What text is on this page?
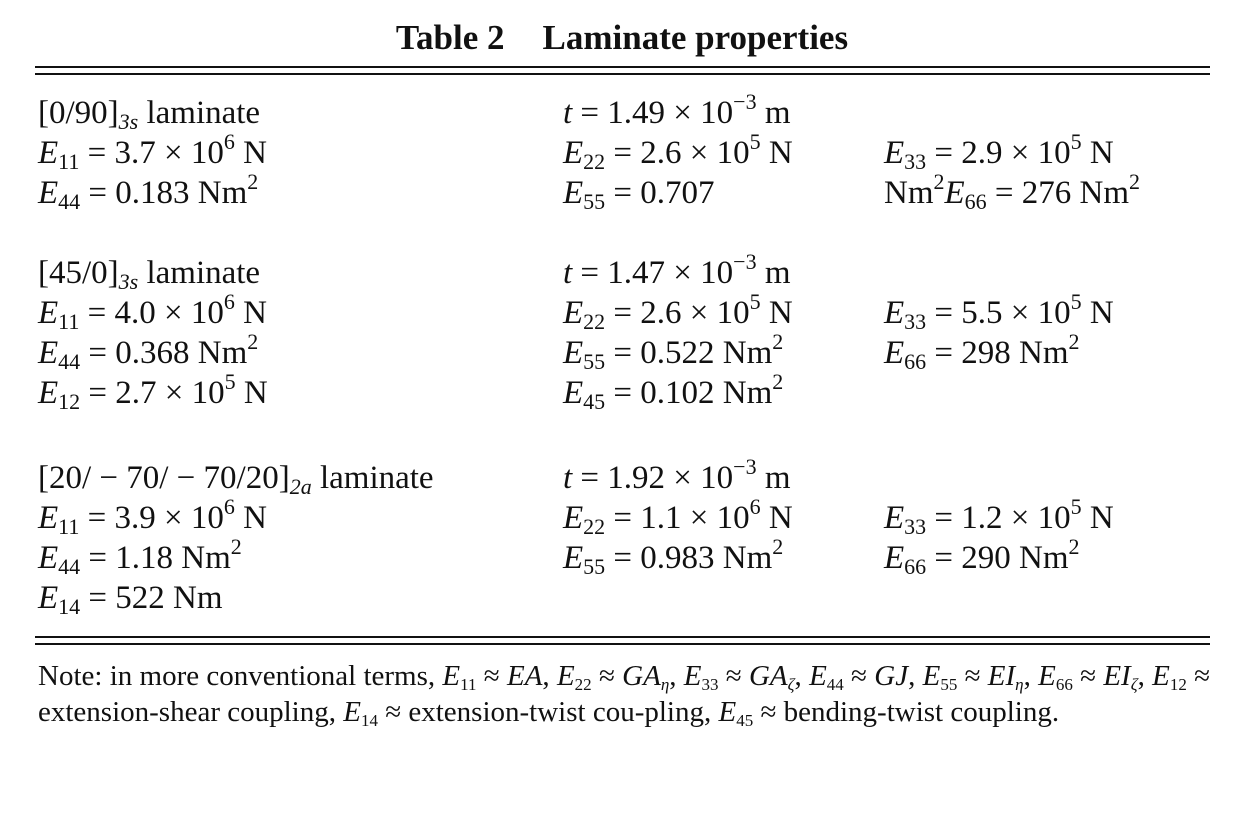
Table 2 Laminate properties
$[0/90]_{3s}$ laminate	$t = 1.49 \times 10^{-3}$ m
$E_{11} = 3.7 \times 10^6$ N	$E_{22} = 2.6 \times 10^5$ N	$E_{33} = 2.9 \times 10^5$ N
$E_{44} = 0.183$ Nm$^2$	$E_{55} = 0.707$	$Nm^2E_{66} = 276$ Nm$^2$
$[45/0]_{3s}$ laminate	$t = 1.47 \times 10^{-3}$ m
$E_{11} = 4.0 \times 10^6$ N	$E_{22} = 2.6 \times 10^5$ N	$E_{33} = 5.5 \times 10^5$ N
$E_{44} = 0.368$ Nm$^2$	$E_{55} = 0.522$ Nm$^2$	$E_{66} = 298$ Nm$^2$
$E_{12} = 2.7 \times 10^5$ N	$E_{45} = 0.102$ Nm$^2$
$[20/ - 70/ - 70/20]_{2a}$ laminate	$t = 1.92 \times 10^{-3}$ m
$E_{11} = 3.9 \times 10^6$ N	$E_{22} = 1.1 \times 10^6$ N	$E_{33} = 1.2 \times 10^5$ N
$E_{44} = 1.18$ Nm$^2$	$E_{55} = 0.983$ Nm$^2$	$E_{66} = 290$ Nm$^2$
$E_{14} = 522$ Nm
Note: in more conventional terms, $E_{11}$ ≈ EA, $E_{22} \approx GA_\eta$, $E_{33} \approx GA_\zeta$, $E_{44}$ ≈ GJ, $E_{55} \approx EI_\eta$, $E_{66} \approx EI_\zeta$, $E_{12}$ ≈ extension-shear coupling, $E_{14}$ ≈ extension-twist cou-pling, $E_{45}$ ≈ bending-twist coupling.
